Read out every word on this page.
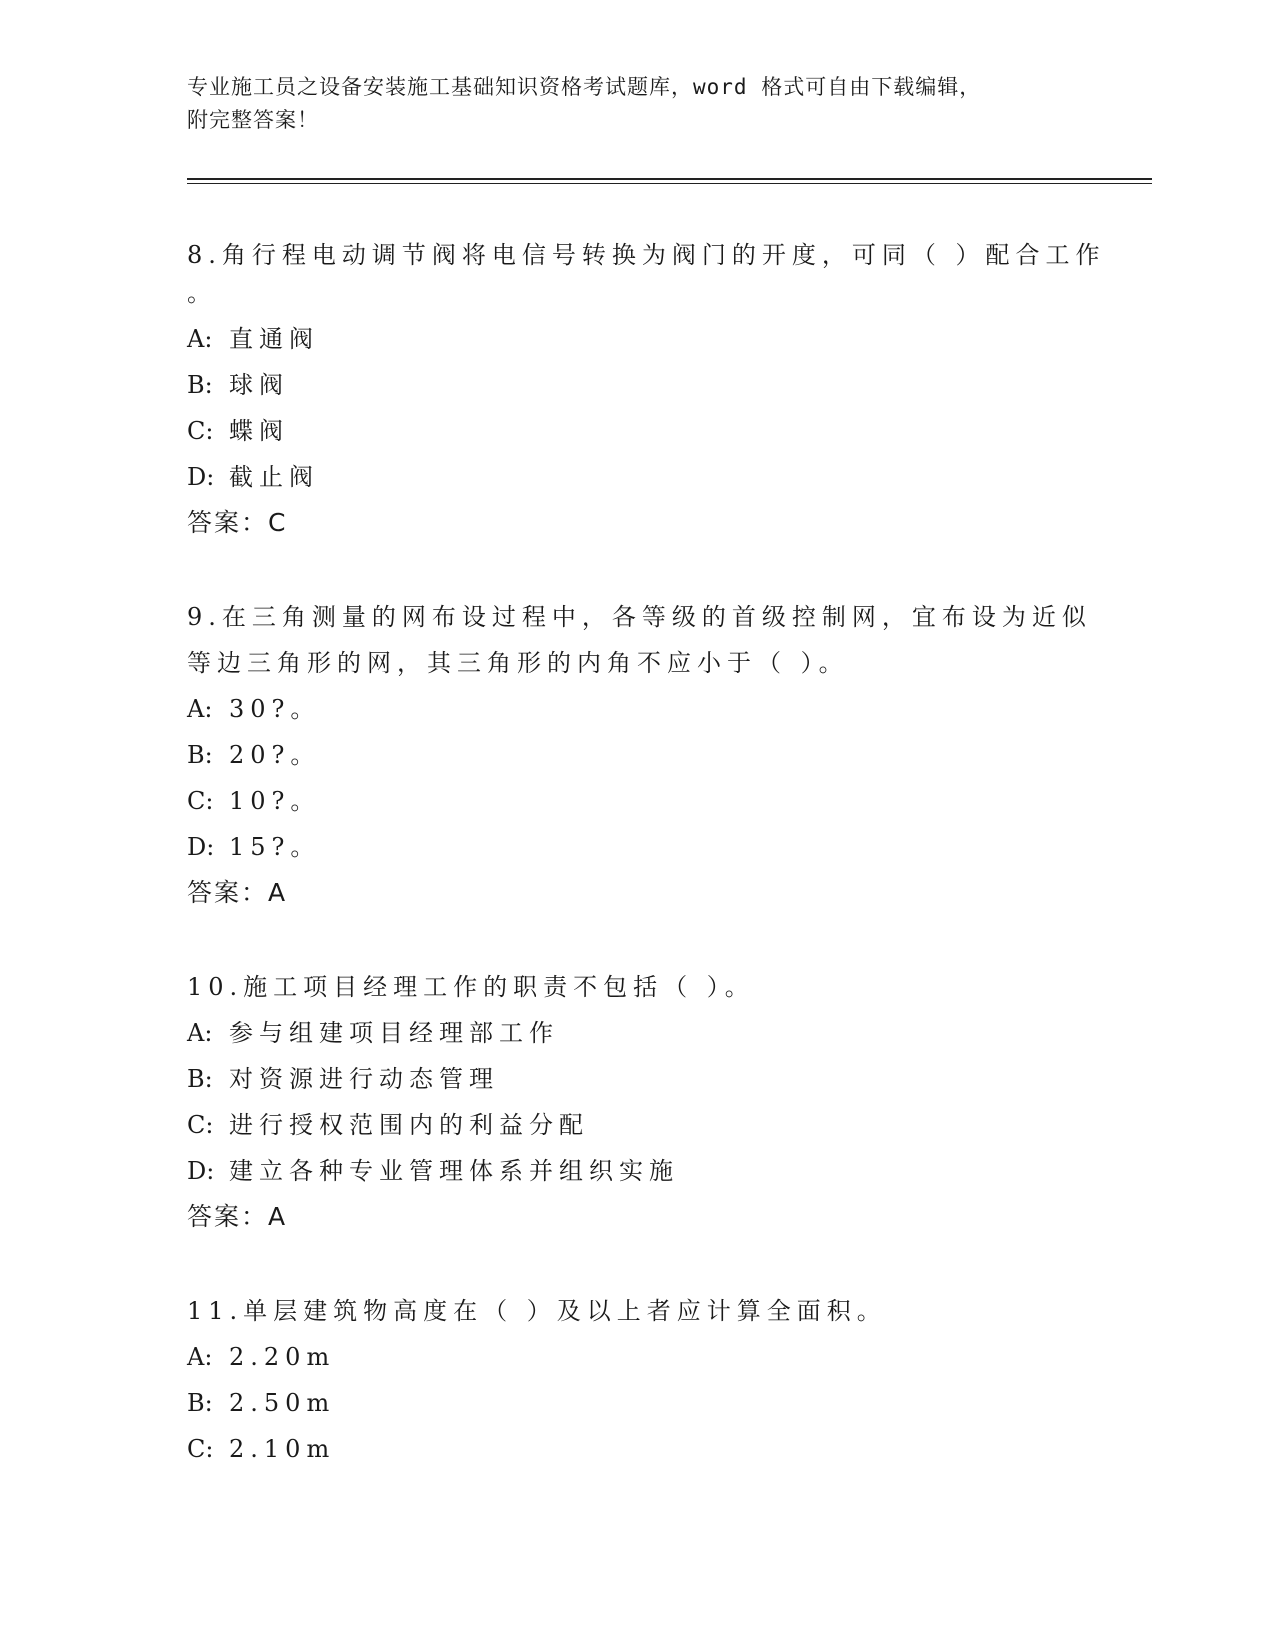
专业施工员之设备安装施工基础知识资格考试题库，word 格式可自由下载编辑，
附完整答案！
8.角行程电动调节阀将电信号转换为阀门的开度，可同（ ）配合工作
。
A: 直通阀
B: 球阀
C: 蝶阀
D: 截止阀
答案：C
9.在三角测量的网布设过程中，各等级的首级控制网，宜布设为近似
等边三角形的网，其三角形的内角不应小于（ ）。
A: 30?。
B: 20?。
C: 10?。
D: 15?。
答案：A
10.施工项目经理工作的职责不包括（ ）。
A: 参与组建项目经理部工作
B: 对资源进行动态管理
C: 进行授权范围内的利益分配
D: 建立各种专业管理体系并组织实施
答案：A
11.单层建筑物高度在（ ）及以上者应计算全面积。
A: 2.20m
B: 2.50m
C: 2.10m
